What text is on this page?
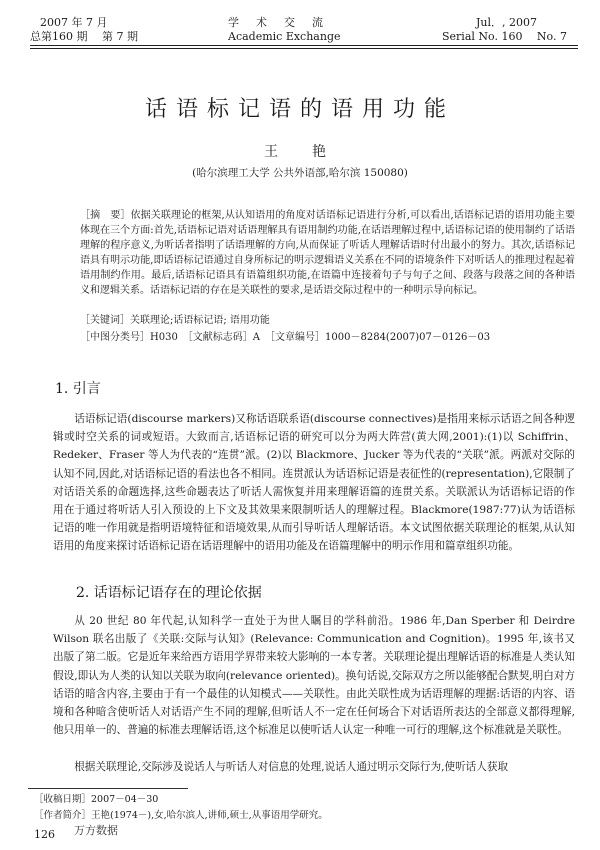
2007 年 7 月
总第160 期　 第 7 期
学　术　交　流
Academic Exchange
Jul．, 2007
Serial No. 160　 No. 7
话语标记语的语用功能
王　艳
(哈尔滨理工大学 公共外语部,哈尔滨 150080)
［摘　要］依据关联理论的框架,从认知语用的角度对话语标记语进行分析,可以看出,话语标记语的语用功能主要体现在三个方面:首先,话语标记语对话语理解具有语用制约功能,在话语理解过程中,话语标记语的使用制约了话语理解的程序意义,为听话者指明了话语理解的方向,从而保证了听话人理解话语时付出最小的努力。其次,话语标记语具有明示功能,即话语标记语通过自身所标记的明示逻辑语义关系在不同的语境条件下对听话人的推理过程起着语用制约作用。最后,话语标记语具有语篇组织功能,在语篇中连接着句子与句子之间、段落与段落之间的各种语义和逻辑关系。话语标记语的存在是关联性的要求,是话语交际过程中的一种明示导向标记。
［关键词］关联理论;话语标记语; 语用功能
［中图分类号］H030　［文献标志码］A　［文章编号］1000－8284(2007)07－0126－03
1. 引言
话语标记语(discourse markers)又称话语联系语(discourse connectives)是指用来标示话语之间各种逻辑或时空关系的词或短语。大致而言,话语标记语的研究可以分为两大阵营(黄大网,2001):(1)以 Schiffrin、Redeker、Fraser 等人为代表的“连贯”派。(2)以 Blackmore、Jucker 等为代表的“关联”派。两派对交际的认知不同,因此,对话语标记语的看法也各不相同。连贯派认为话语标记语是表征性的(representation),它限制了对话语关系的命题选择,这些命题表达了听话人需恢复并用来理解语篇的连贯关系。关联派认为话语标记语的作用在于通过将听话人引入预设的上下文及其效果来限制听话人的理解过程。Blackmore(1987:77)认为话语标记语的唯一作用就是指明语境特征和语境效果,从而引导听话人理解话语。本文试图依据关联理论的框架,从认知语用的角度来探讨话语标记语在话语理解中的语用功能及在语篇理解中的明示作用和篇章组织功能。
2. 话语标记语存在的理论依据
从 20 世纪 80 年代起,认知科学一直处于为世人瞩目的学科前沿。1986 年,Dan Sperber 和 Deirdre Wilson 联名出版了《关联:交际与认知》(Relevance: Communication and Cognition)。1995 年,该书又出版了第二版。它是近年来给西方语用学界带来较大影响的一本专著。关联理论提出理解话语的标准是人类认知假设,即认为人类的认知以关联为取向(relevance oriented)。换句话说,交际双方之所以能够配合默契,明白对方话语的暗含内容,主要由于有一个最佳的认知模式——关联性。由此关联性成为话语理解的理据:话语的内容、语境和各种暗含使听话人对话语产生不同的理解,但听话人不一定在任何场合下对话语所表达的全部意义都得理解,他只用单一的、普遍的标准去理解话语,这个标准足以使听话人认定一种唯一可行的理解,这个标准就是关联性。
根据关联理论,交际涉及说话人与听话人对信息的处理,说话人通过明示交际行为,使听话人获取
［收稿日期］2007－04－30
［作者简介］王艳(1974－),女,哈尔滨人,讲师,硕士,从事语用学研究。
126 万方数据
